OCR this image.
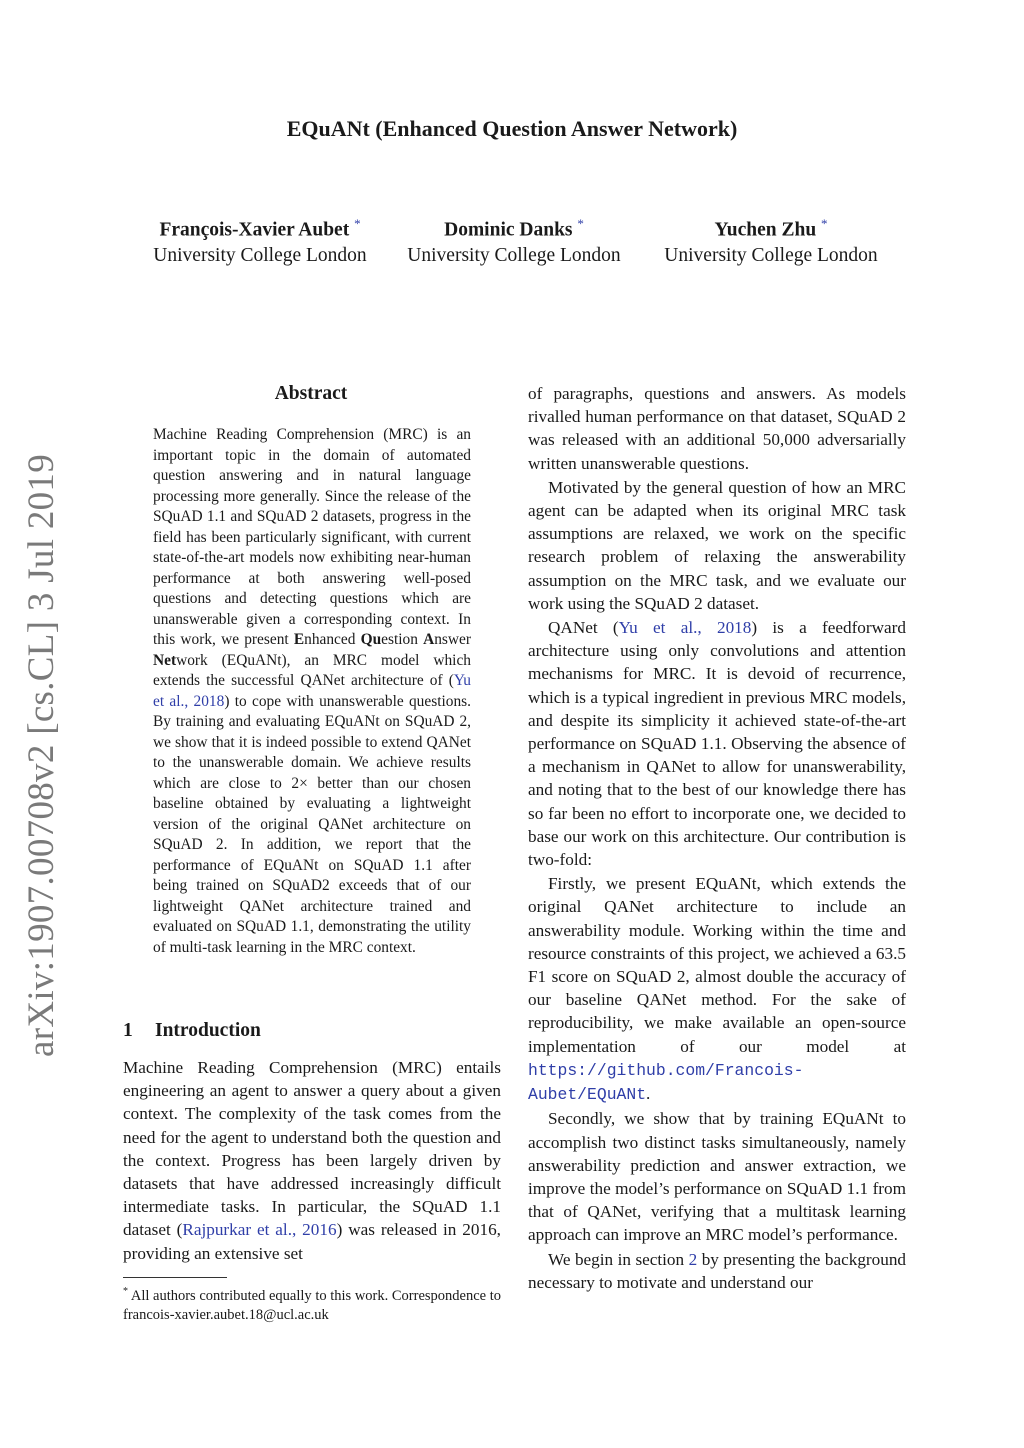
arXiv:1907.00708v2 [cs.CL] 3 Jul 2019
EQuANt (Enhanced Question Answer Network)
François-Xavier Aubet *
University College London
Dominic Danks *
University College London
Yuchen Zhu *
University College London
Abstract

Machine Reading Comprehension (MRC) is an important topic in the domain of automated question answering and in natural language processing more generally. Since the release of the SQuAD 1.1 and SQuAD 2 datasets, progress in the field has been particularly significant, with current state-of-the-art models now exhibiting near-human performance at both answering well-posed questions and detecting questions which are unanswerable given a corresponding context. In this work, we present Enhanced Question Answer Network (EQuANt), an MRC model which extends the successful QANet architecture of (Yu et al., 2018) to cope with unanswerable questions. By training and evaluating EQuANt on SQuAD 2, we show that it is indeed possible to extend QANet to the unanswerable domain. We achieve results which are close to 2× better than our chosen baseline obtained by evaluating a lightweight version of the original QANet architecture on SQuAD 2. In addition, we report that the performance of EQuANt on SQuAD 1.1 after being trained on SQuAD2 exceeds that of our lightweight QANet architecture trained and evaluated on SQuAD 1.1, demonstrating the utility of multi-task learning in the MRC context.

1 Introduction

Machine Reading Comprehension (MRC) entails engineering an agent to answer a query about a given context. The complexity of the task comes from the need for the agent to understand both the question and the context. Progress has been largely driven by datasets that have addressed increasingly difficult intermediate tasks. In particular, the SQuAD 1.1 dataset (Rajpurkar et al., 2016) was released in 2016, providing an extensive set

* All authors contributed equally to this work. Correspondence to francois-xavier.aubet.18@ucl.ac.uk

of paragraphs, questions and answers. As models rivalled human performance on that dataset, SQuAD 2 was released with an additional 50,000 adversarially written unanswerable questions.

Motivated by the general question of how an MRC agent can be adapted when its original MRC task assumptions are relaxed, we work on the specific research problem of relaxing the answerability assumption on the MRC task, and we evaluate our work using the SQuAD 2 dataset.

QANet (Yu et al., 2018) is a feedforward architecture using only convolutions and attention mechanisms for MRC. It is devoid of recurrence, which is a typical ingredient in previous MRC models, and despite its simplicity it achieved state-of-the-art performance on SQuAD 1.1. Observing the absence of a mechanism in QANet to allow for unanswerability, and noting that to the best of our knowledge there has so far been no effort to incorporate one, we decided to base our work on this architecture. Our contribution is two-fold:

Firstly, we present EQuANt, which extends the original QANet architecture to include an answerability module. Working within the time and resource constraints of this project, we achieved a 63.5 F1 score on SQuAD 2, almost double the accuracy of our baseline QANet method. For the sake of reproducibility, we make available an open-source implementation of our model at https://github.com/Francois-Aubet/EQuANt.

Secondly, we show that by training EQuANt to accomplish two distinct tasks simultaneously, namely answerability prediction and answer extraction, we improve the model’s performance on SQuAD 1.1 from that of QANet, verifying that a multitask learning approach can improve an MRC model’s performance.

We begin in section 2 by presenting the background necessary to motivate and understand our
